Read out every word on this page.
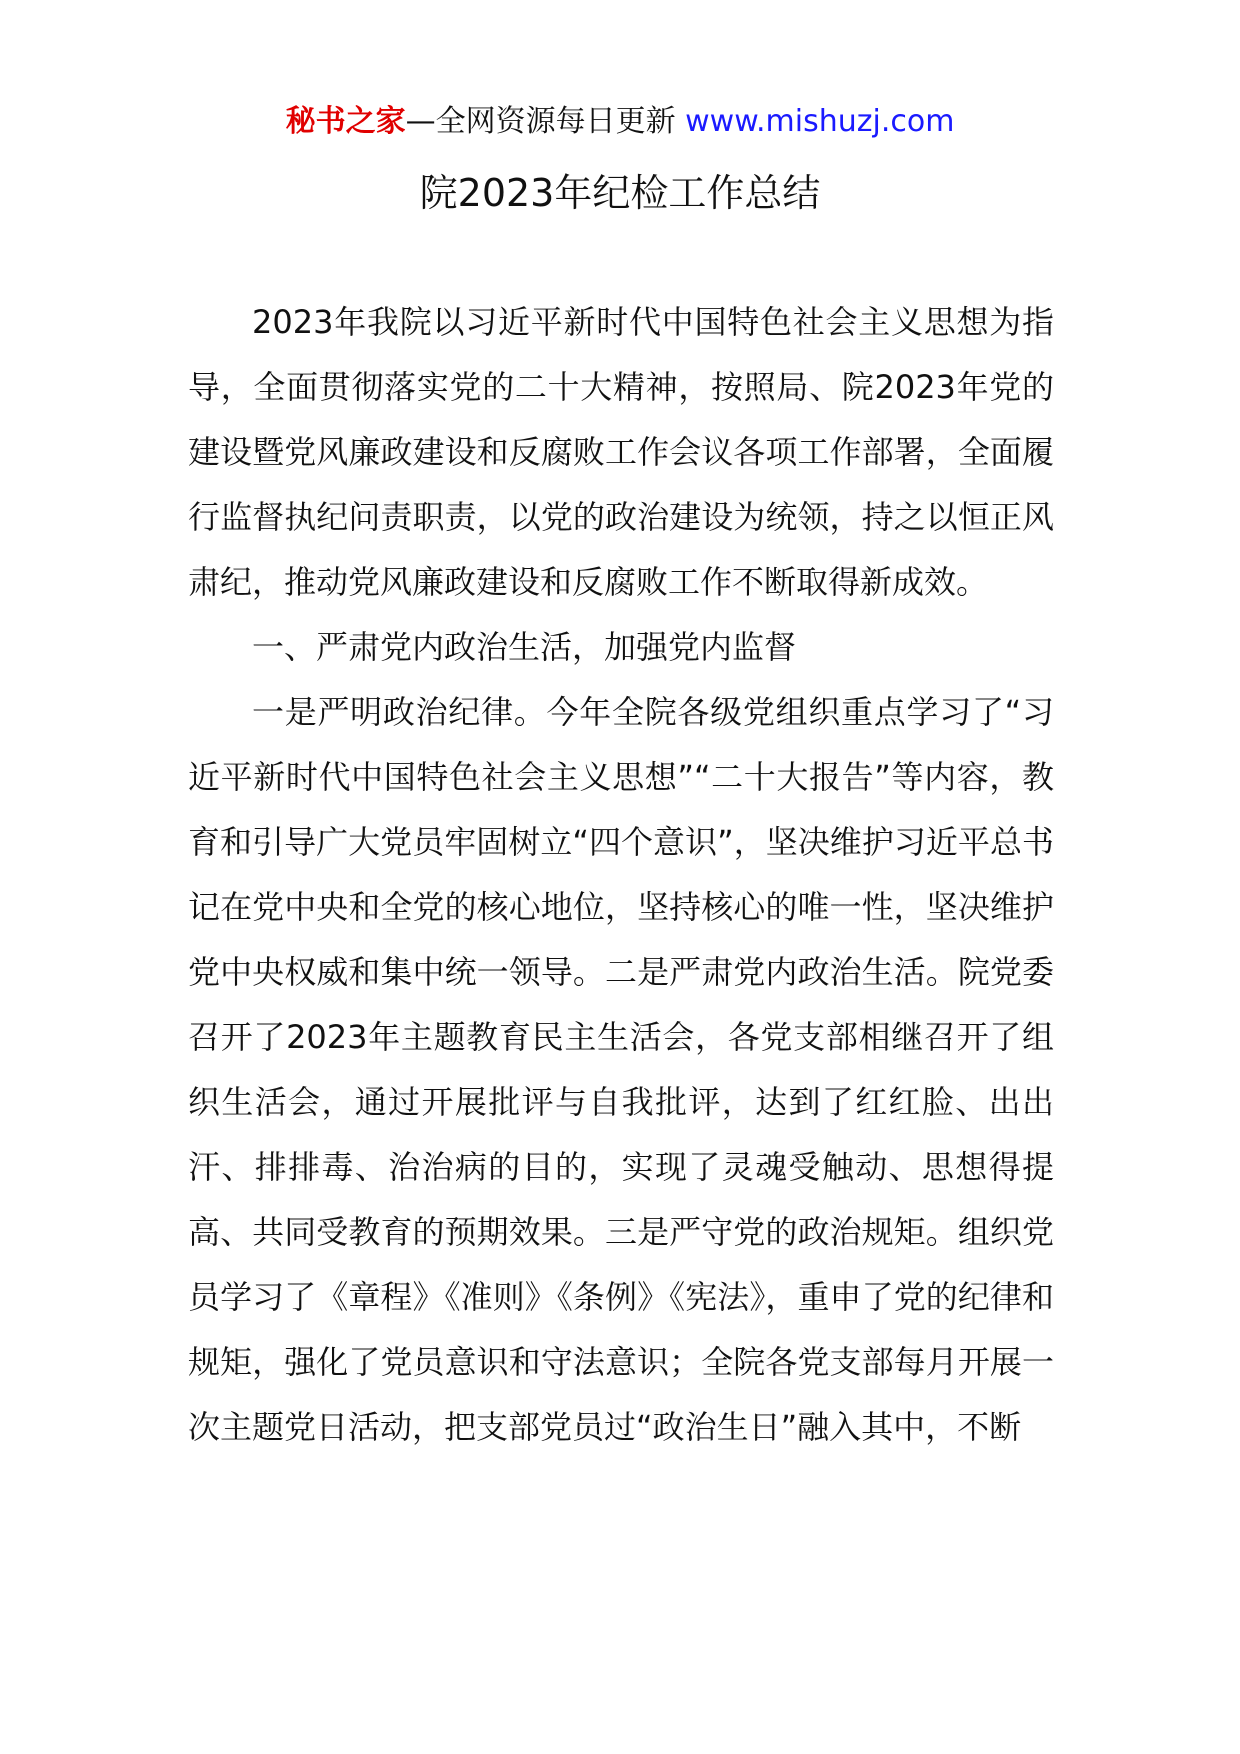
秘书之家—全网资源每日更新 www.mishuzj.com
院2023年纪检工作总结

2023年我院以习近平新时代中国特色社会主义思想为指导，全面贯彻落实党的二十大精神，按照局、院2023年党的建设暨党风廉政建设和反腐败工作会议各项工作部署，全面履行监督执纪问责职责，以党的政治建设为统领，持之以恒正风肃纪，推动党风廉政建设和反腐败工作不断取得新成效。

一、严肃党内政治生活，加强党内监督

一是严明政治纪律。今年全院各级党组织重点学习了“习近平新时代中国特色社会主义思想”“二十大报告”等内容，教育和引导广大党员牢固树立“四个意识”，坚决维护习近平总书记在党中央和全党的核心地位，坚持核心的唯一性，坚决维护党中央权威和集中统一领导。二是严肃党内政治生活。院党委召开了2023年主题教育民主生活会，各党支部相继召开了组织生活会，通过开展批评与自我批评，达到了红红脸、出出汗、排排毒、治治病的目的，实现了灵魂受触动、思想得提高、共同受教育的预期效果。三是严守党的政治规矩。组织党员学习了《章程》《准则》《条例》《宪法》，重申了党的纪律和规矩，强化了党员意识和守法意识；全院各党支部每月开展一次主题党日活动，把支部党员过“政治生日”融入其中，不断
